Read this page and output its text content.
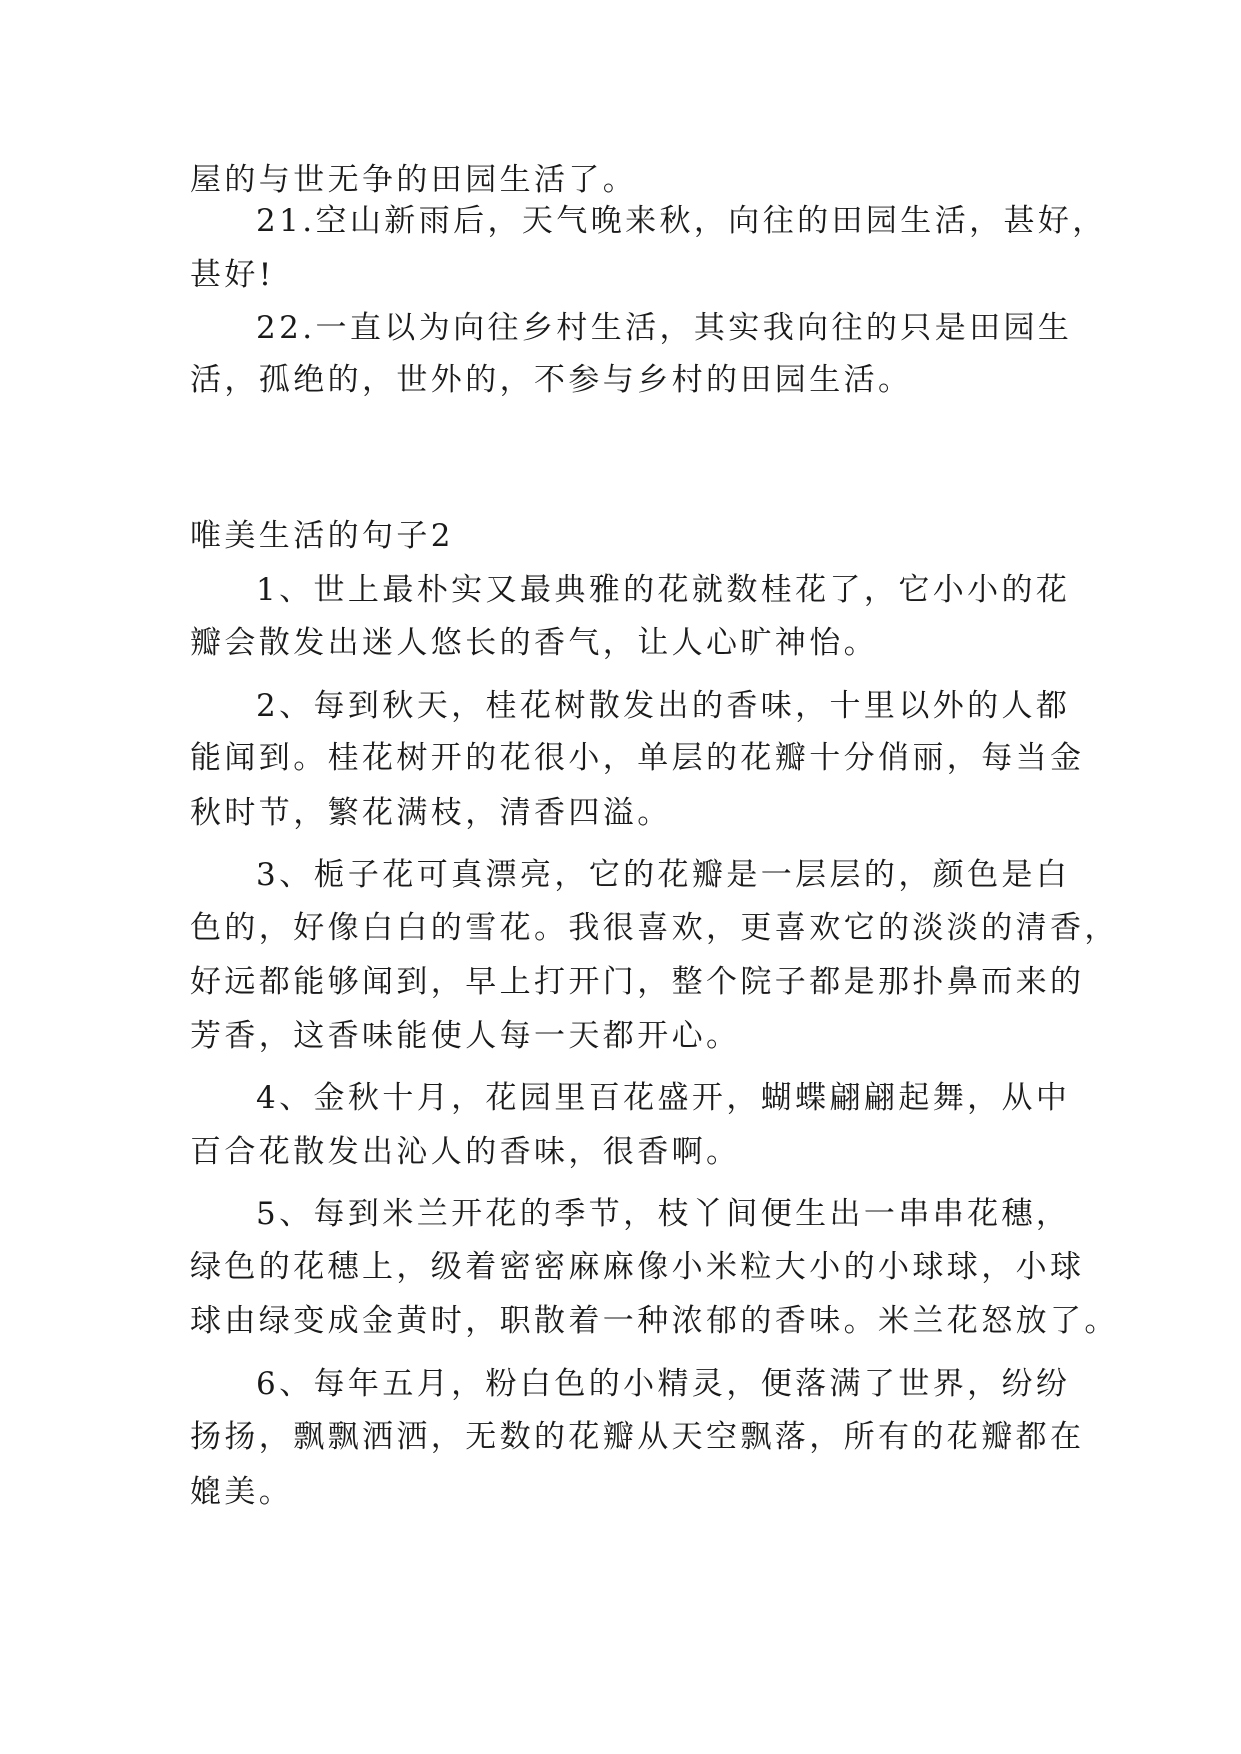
屋的与世无争的田园生活了。
21.空山新雨后，天气晚来秋，向往的田园生活，甚好，
甚好!
22.一直以为向往乡村生活，其实我向往的只是田园生
活，孤绝的，世外的，不参与乡村的田园生活。
唯美生活的句子2
1、世上最朴实又最典雅的花就数桂花了，它小小的花
瓣会散发出迷人悠长的香气，让人心旷神怡。
2、每到秋天，桂花树散发出的香味，十里以外的人都
能闻到。桂花树开的花很小，单层的花瓣十分俏丽，每当金
秋时节，繁花满枝，清香四溢。
3、栀子花可真漂亮，它的花瓣是一层层的，颜色是白
色的，好像白白的雪花。我很喜欢，更喜欢它的淡淡的清香，
好远都能够闻到，早上打开门，整个院子都是那扑鼻而来的
芳香，这香味能使人每一天都开心。
4、金秋十月，花园里百花盛开，蝴蝶翩翩起舞，从中
百合花散发出沁人的香味，很香啊。
5、每到米兰开花的季节，枝丫间便生出一串串花穗，
绿色的花穗上，级着密密麻麻像小米粒大小的小球球，小球
球由绿变成金黄时，职散着一种浓郁的香味。米兰花怒放了。
6、每年五月，粉白色的小精灵，便落满了世界，纷纷
扬扬，飘飘洒洒，无数的花瓣从天空飘落，所有的花瓣都在
媲美。
